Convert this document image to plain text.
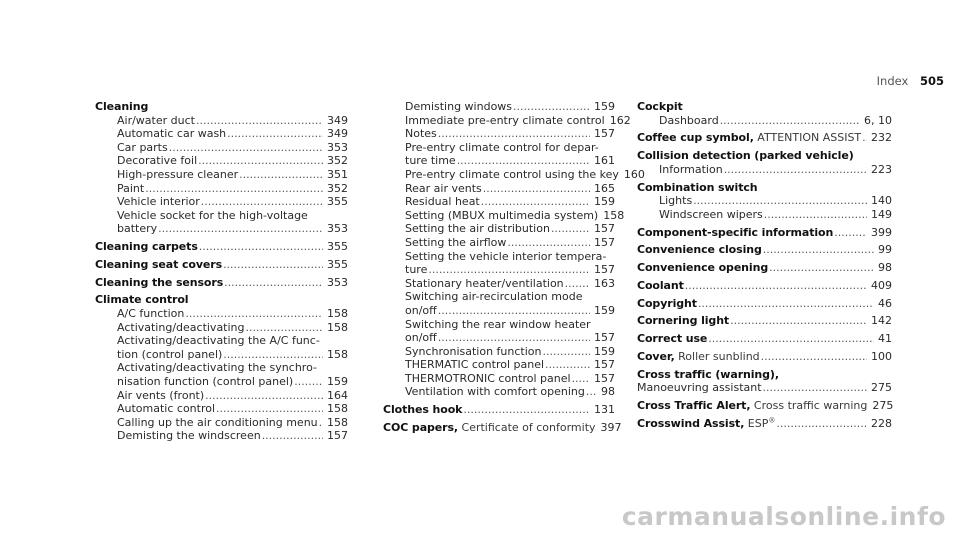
Index 505
Cleaning
Air/water duct .....	349
Automatic car wash .....	349
Car parts .....	353
Decorative foil .....	352
High-pressure cleaner .....	351
Paint .....	352
Vehicle interior .....	355
Vehicle socket for the high-voltage
battery .....	353
Cleaning carpets .....	355
Cleaning seat covers .....	355
Cleaning the sensors .....	353
Climate control
A/C function .....	158
Activating/deactivating .....	158
Activating/deactivating the A/C func-
tion (control panel) .....	158
Activating/deactivating the synchro-
nisation function (control panel) .....	159
Air vents (front) .....	164
Automatic control .....	158
Calling up the air conditioning menu ..... 158
Demisting the windscreen .....	157
Demisting windows .....	159
Immediate pre-entry climate control 162
Notes .....	157
Pre-entry climate control for depar-
ture time .....	161
Pre-entry climate control using the key 160
Rear air vents .....	165
Residual heat .....	159
Setting (MBUX multimedia system) 158
Setting the air distribution .....	157
Setting the airflow .....	157
Setting the vehicle interior tempera-
ture .....	157
Stationary heater/ventilation .....	163
Switching air-recirculation mode
on/off .....	159
Switching the rear window heater
on/off .....	157
Synchronisation function .....	159
THERMATIC control panel .....	157
THERMOTRONIC control panel ..... 157
Ventilation with comfort opening ..... 98
Clothes hook .....	131
COC papers, Certificate of conformity 397
Cockpit
Dashboard .....	6, 10
Coffee cup symbol, ATTENTION ASSIST ..... 232
Collision detection (parked vehicle)
Information .....	223
Combination switch
Lights .....	140
Windscreen wipers .....	149
Component-specific information .....	399
Convenience closing .....	99
Convenience opening .....	98
Coolant .....	409
Copyright .....	46
Cornering light .....	142
Correct use .....	41
Cover, Roller sunblind .....	100
Cross traffic (warning),
Manoeuvring assistant .....	275
Cross Traffic Alert, Cross traffic warning 275
Crosswind Assist, ESP® .....	228
carmanualsonline.info
